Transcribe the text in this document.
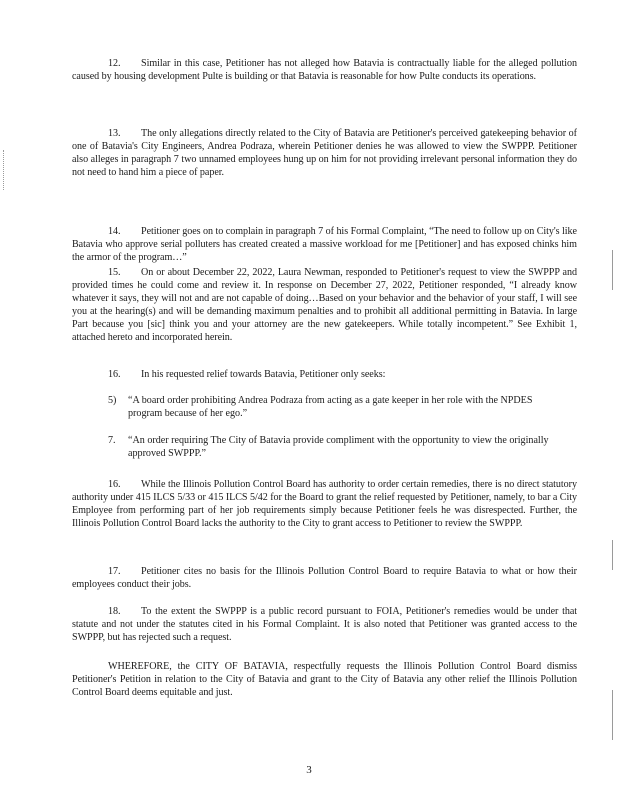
12. Similar in this case, Petitioner has not alleged how Batavia is contractually liable for the alleged pollution caused by housing development Pulte is building or that Batavia is reasonable for how Pulte conducts its operations.

13. The only allegations directly related to the City of Batavia are Petitioner's perceived gatekeeping behavior of one of Batavia's City Engineers, Andrea Podraza, wherein Petitioner denies he was allowed to view the SWPPP. Petitioner also alleges in paragraph 7 two unnamed employees hung up on him for not providing irrelevant personal information they do not need to hand him a piece of paper.

14. Petitioner goes on to complain in paragraph 7 of his Formal Complaint, “The need to follow up on City's like Batavia who approve serial polluters has created created a massive workload for me [Petitioner] and has exposed chinks him the armor of the program…”

15. On or about December 22, 2022, Laura Newman, responded to Petitioner's request to view the SWPPP and provided times he could come and review it. In response on December 27, 2022, Petitioner responded, “I already know whatever it says, they will not and are not capable of doing…Based on your behavior and the behavior of your staff, I will see you at the hearing(s) and will be demanding maximum penalties and to prohibit all additional permitting in Batavia. In large Part because you [sic] think you and your attorney are the new gatekeepers. While totally incompetent.” See Exhibit 1, attached hereto and incorporated herein.

16. In his requested relief towards Batavia, Petitioner only seeks:

5) “A board order prohibiting Andrea Podraza from acting as a gate keeper in her role with the NPDES program because of her ego.”
7. “An order requiring The City of Batavia provide compliment with the opportunity to view the originally approved SWPPP.”

16. While the Illinois Pollution Control Board has authority to order certain remedies, there is no direct statutory authority under 415 ILCS 5/33 or 415 ILCS 5/42 for the Board to grant the relief requested by Petitioner, namely, to bar a City Employee from performing part of her job requirements simply because Petitioner feels he was disrespected. Further, the Illinois Pollution Control Board lacks the authority to the City to grant access to Petitioner to review the SWPPP.

17. Petitioner cites no basis for the Illinois Pollution Control Board to require Batavia to what or how their employees conduct their jobs.

18. To the extent the SWPPP is a public record pursuant to FOIA, Petitioner's remedies would be under that statute and not under the statutes cited in his Formal Complaint. It is also noted that Petitioner was granted access to the SWPPP, but has rejected such a request.

WHEREFORE, the CITY OF BATAVIA, respectfully requests the Illinois Pollution Control Board dismiss Petitioner's Petition in relation to the City of Batavia and grant to the City of Batavia any other relief the Illinois Pollution Control Board deems equitable and just.

3
